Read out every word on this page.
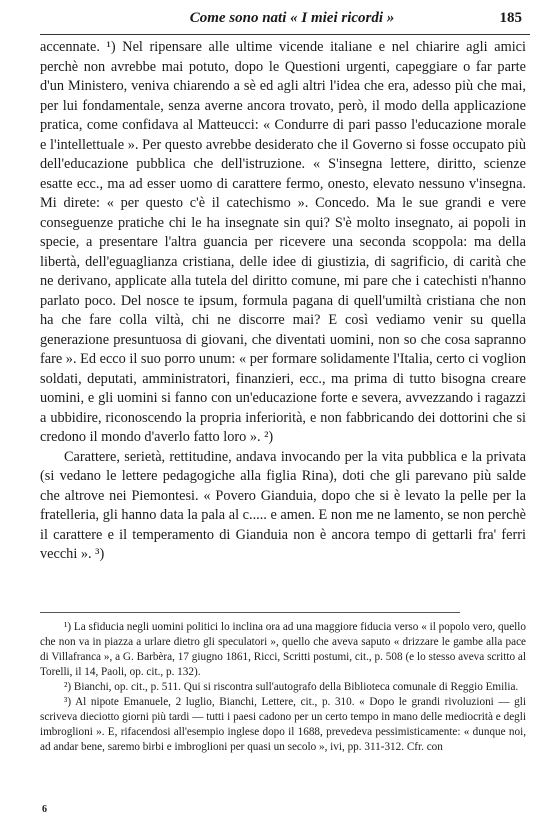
Come sono nati « I miei ricordi »	185

accennate. ¹) Nel ripensare alle ultime vicende italiane e nel chiarire agli amici perchè non avrebbe mai potuto, dopo le Questioni urgenti, capeggiare o far parte d'un Ministero, veniva chiarendo a sè ed agli altri l'idea che era, adesso più che mai, per lui fondamentale, senza averne ancora trovato, però, il modo della applicazione pratica, come confidava al Matteucci: « Condurre di pari passo l'educazione morale e l'intellettuale ». Per questo avrebbe desiderato che il Governo si fosse occupato più dell'educazione pubblica che dell'istruzione. « S'insegna lettere, diritto, scienze esatte ecc., ma ad esser uomo di carattere fermo, onesto, elevato nessuno v'insegna. Mi direte: « per questo c'è il catechismo ». Concedo. Ma le sue grandi e vere conseguenze pratiche chi le ha insegnate sin qui? S'è molto insegnato, ai popoli in specie, a presentare l'altra guancia per ricevere una seconda scoppola: ma della libertà, dell'eguaglianza cristiana, delle idee di giustizia, di sagrificio, di carità che ne derivano, applicate alla tutela del diritto comune, mi pare che i catechisti n'hanno parlato poco. Del nosce te ipsum, formula pagana di quell'umiltà cristiana che non ha che fare colla viltà, chi ne discorre mai? E così vediamo venir su quella generazione presuntuosa di giovani, che diventati uomini, non so che cosa sapranno fare ». Ed ecco il suo porro unum: « per formare solidamente l'Italia, certo ci voglion soldati, deputati, amministratori, finanzieri, ecc., ma prima di tutto bisogna creare uomini, e gli uomini si fanno con un'educazione forte e severa, avvezzando i ragazzi a ubbidire, riconoscendo la propria inferiorità, e non fabbricando dei dottorini che si credono il mondo d'averlo fatto loro ». ²)

Carattere, serietà, rettitudine, andava invocando per la vita pubblica e la privata (si vedano le lettere pedagogiche alla figlia Rina), doti che gli parevano più salde che altrove nei Piemontesi. « Povero Gianduia, dopo che si è levato la pelle per la fratelleria, gli hanno data la pala al c..... e amen. E non me ne lamento, se non perchè il carattere e il temperamento di Gianduia non è ancora tempo di gettarli fra' ferri vecchi ». ³)

¹) La sfiducia negli uomini politici lo inclina ora ad una maggiore fiducia verso « il popolo vero, quello che non va in piazza a urlare dietro gli speculatori », quello che aveva saputo « drizzare le gambe alla pace di Villafranca », a G. Barbèra, 17 giugno 1861, Ricci, Scritti postumi, cit., p. 508 (e lo stesso aveva scritto al Torelli, il 14, Paoli, op. cit., p. 132).

²) Bianchi, op. cit., p. 511. Qui si riscontra sull'autografo della Biblioteca comunale di Reggio Emilia.

³) Al nipote Emanuele, 2 luglio, Bianchi, Lettere, cit., p. 310. « Dopo le grandi rivoluzioni — gli scriveva dieciotto giorni più tardi — tutti i paesi cadono per un certo tempo in mano delle mediocrità e degli imbroglioni ». E, rifacendosi all'esempio inglese dopo il 1688, prevedeva pessimisticamente: « dunque noi, ad andar bene, saremo birbi e imbroglioni per quasi un secolo », ivi, pp. 311-312. Cfr. con

6
